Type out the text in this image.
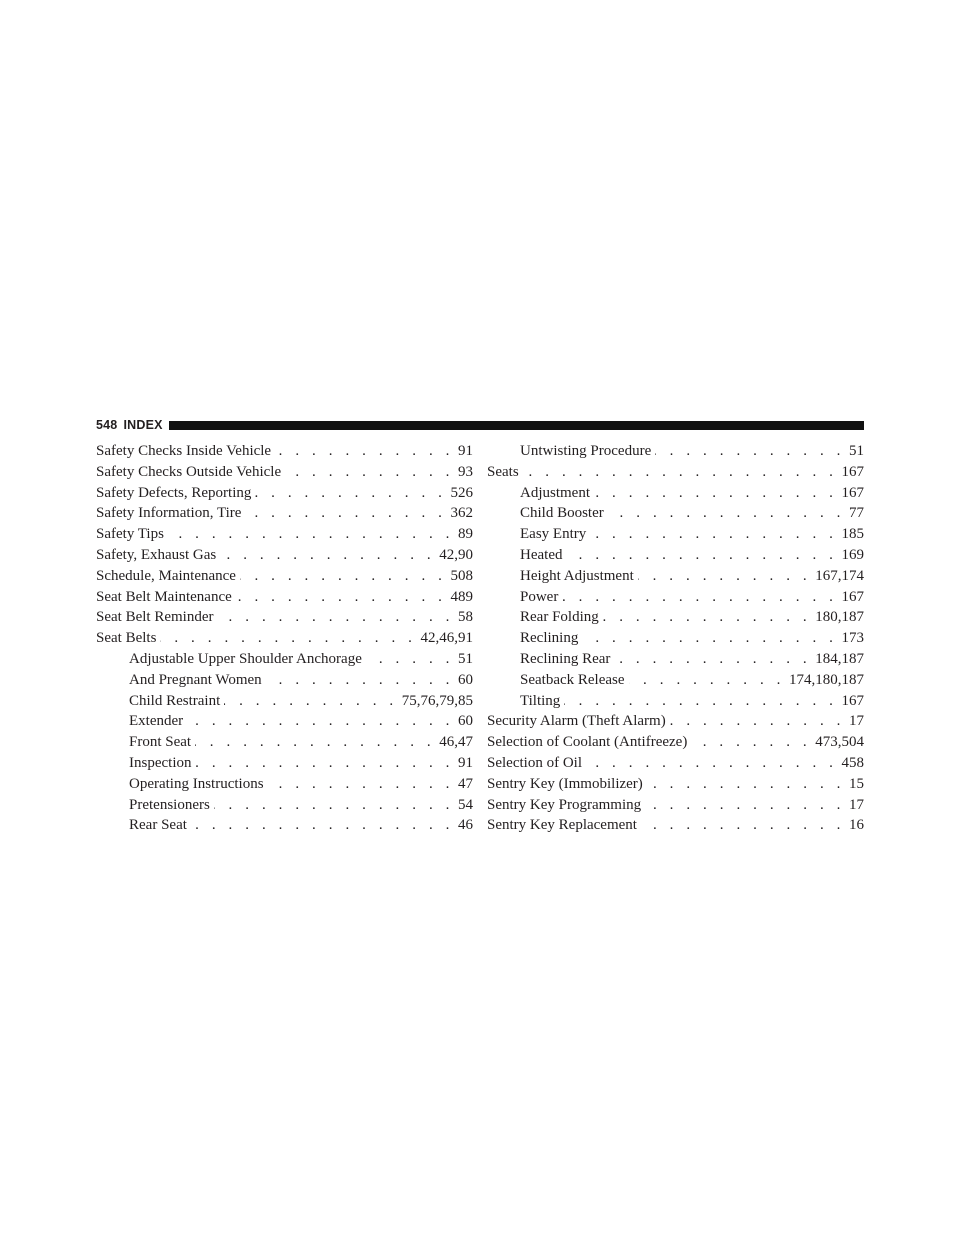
548 INDEX
Safety Checks Inside Vehicle . . .	91
Safety Checks Outside Vehicle . . .	93
Safety Defects, Reporting . . .	526
Safety Information, Tire . . .	362
Safety Tips . . .	89
Safety, Exhaust Gas . . .	42,90
Schedule, Maintenance . . .	508
Seat Belt Maintenance . . .	489
Seat Belt Reminder . . .	58
Seat Belts . . .	42,46,91
Adjustable Upper Shoulder Anchorage . . .	51
And Pregnant Women . . .	60
Child Restraint . . .	75,76,79,85
Extender . . .	60
Front Seat . . .	46,47
Inspection . . .	91
Operating Instructions . . .	47
Pretensioners . . .	54
Rear Seat . . .	46
Untwisting Procedure . . .	51
Seats . . .	167
Adjustment . . .	167
Child Booster . . .	77
Easy Entry . . .	185
Heated . . .	169
Height Adjustment . . .	167,174
Power . . .	167
Rear Folding . . .	180,187
Reclining . . .	173
Reclining Rear . . .	184,187
Seatback Release . . .	174,180,187
Tilting . . .	167
Security Alarm (Theft Alarm) . . .	17
Selection of Coolant (Antifreeze) . . .	473,504
Selection of Oil . . .	458
Sentry Key (Immobilizer) . . .	15
Sentry Key Programming . . .	17
Sentry Key Replacement . . .	16
